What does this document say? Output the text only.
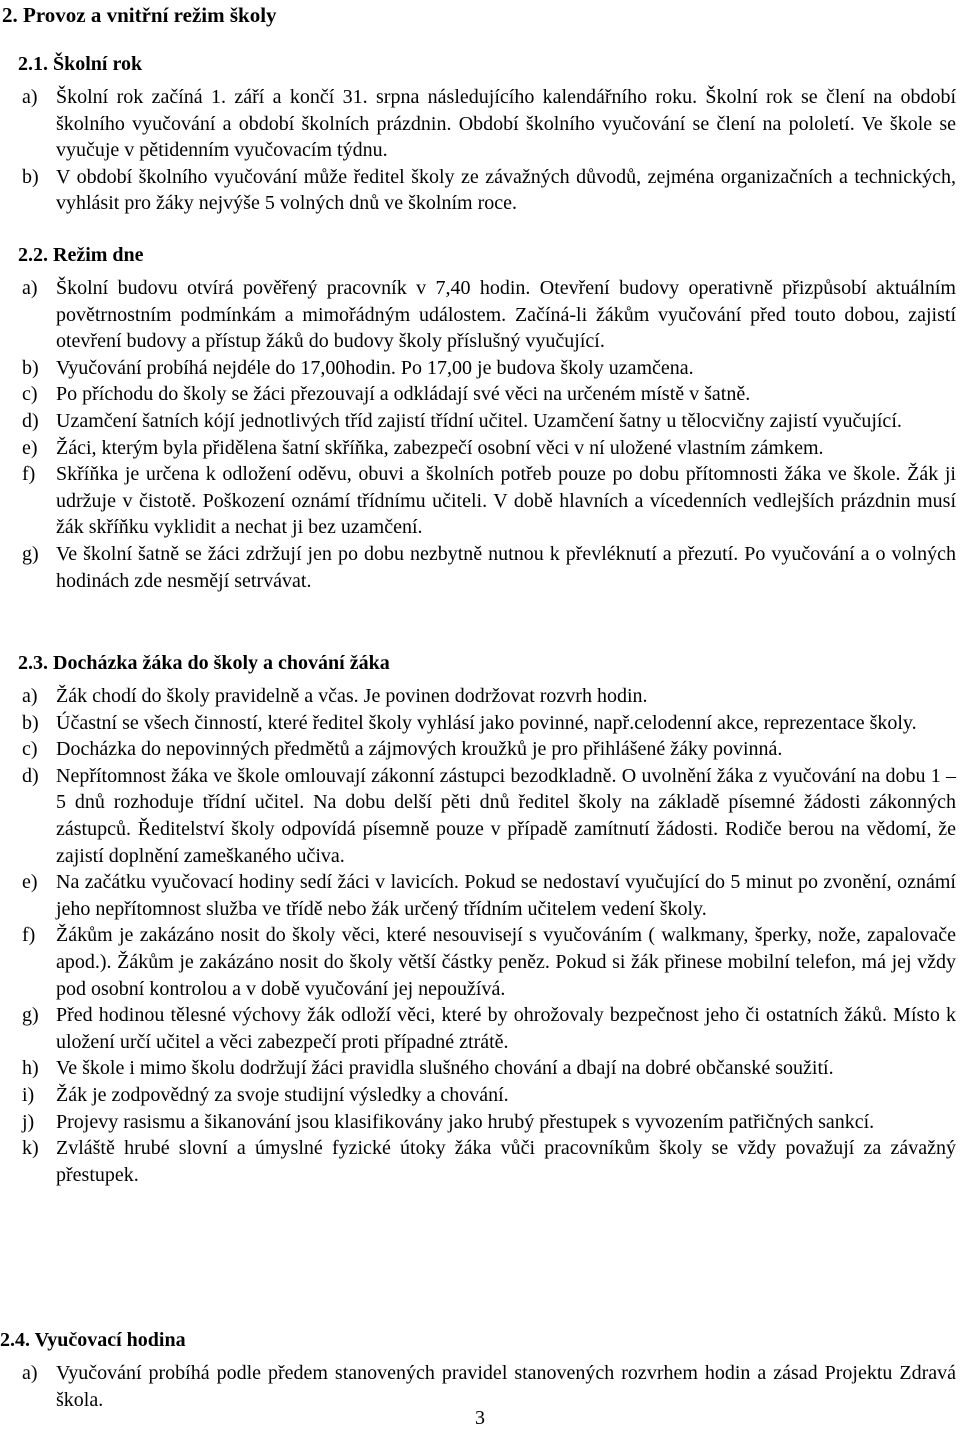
2. Provoz a vnitřní režim školy
2.1. Školní rok
a) Školní rok začíná 1. září a končí 31. srpna následujícího kalendářního roku. Školní rok se člení na období školního vyučování a období školních prázdnin. Období školního vyučování se člení na pololetí. Ve škole se vyučuje v pětidenním vyučovacím týdnu.
b) V období školního vyučování může ředitel školy ze závažných důvodů, zejména organizačních a technických, vyhlásit pro žáky nejvýše 5 volných dnů ve školním roce.
2.2. Režim dne
a) Školní budovu otvírá pověřený pracovník v 7,40 hodin. Otevření budovy operativně přizpůsobí aktuálním povětrnostním podmínkám a mimořádným událostem. Začíná-li žákům vyučování před touto dobou, zajistí otevření budovy a přístup žáků do budovy školy příslušný vyučující.
b) Vyučování probíhá nejdéle do 17,00hodin. Po 17,00 je budova školy uzamčena.
c) Po příchodu do školy se žáci přezouvají a odkládají své věci na určeném místě v šatně.
d) Uzamčení šatních kójí jednotlivých tříd zajistí třídní učitel. Uzamčení šatny u tělocvičny zajistí vyučující.
e) Žáci, kterým byla přidělena šatní skříňka, zabezpečí osobní věci v ní uložené vlastním zámkem.
f)	Skříňka je určena k odložení oděvu, obuvi a školních potřeb pouze po dobu přítomnosti žáka ve škole. Žák ji udržuje v čistotě. Poškození oznámí třídnímu učiteli. V době hlavních a vícedenních vedlejších prázdnin musí žák skříňku vyklidit a nechat ji bez uzamčení.
g) Ve školní šatně se žáci zdržují jen po dobu nezbytně nutnou k převléknutí a přezutí. Po vyučování a o volných hodinách zde nesmějí setrvávat.
2.3. Docházka žáka do školy a chování žáka
a) Žák chodí do školy pravidelně a včas. Je povinen dodržovat rozvrh hodin.
b) Účastní se všech činností, které ředitel školy vyhlásí jako povinné, např.celodenní akce, reprezentace školy.
c) Docházka do nepovinných předmětů a zájmových kroužků je pro přihlášené žáky povinná.
d) Nepřítomnost žáka ve škole omlouvají zákonní zástupci bezodkladně. O uvolnění žáka z vyučování na dobu 1 – 5 dnů rozhoduje třídní učitel. Na dobu delší pěti dnů ředitel školy na základě písemné žádosti zákonných zástupců. Ředitelství školy odpovídá písemně pouze v případě zamítnutí žádosti. Rodiče berou na vědomí, že zajistí doplnění zameškaného učiva.
e) Na začátku vyučovací hodiny sedí žáci v lavicích. Pokud se nedostaví vyučující do 5 minut po zvonění, oznámí jeho nepřítomnost služba ve třídě nebo žák určený třídním učitelem vedení školy.
f)	Žákům je zakázáno nosit do školy věci, které nesouvisejí s vyučováním ( walkmany, šperky, nože, zapalovače apod.). Žákům je zakázáno nosit do školy větší částky peněz. Pokud si žák přinese mobilní telefon, má jej vždy pod osobní kontrolou a v době vyučování jej nepoužívá.
g) Před hodinou tělesné výchovy žák odloží věci, které by ohrožovaly bezpečnost jeho či ostatních žáků. Místo k uložení určí učitel a věci zabezpečí proti případné ztrátě.
h) Ve škole i mimo školu dodržují žáci pravidla slušného chování a dbají na dobré občanské soužití.
i)	Žák je zodpovědný za svoje studijní výsledky a chování.
j)	Projevy rasismu a šikanování jsou klasifikovány jako hrubý přestupek s vyvozením patřičných sankcí.
k) Zvláště hrubé slovní a úmyslné fyzické útoky žáka vůči pracovníkům školy se vždy považují za závažný přestupek.
2.4. Vyučovací hodina
a) Vyučování probíhá podle předem stanovených pravidel stanovených rozvrhem hodin a zásad Projektu Zdravá škola.
3
